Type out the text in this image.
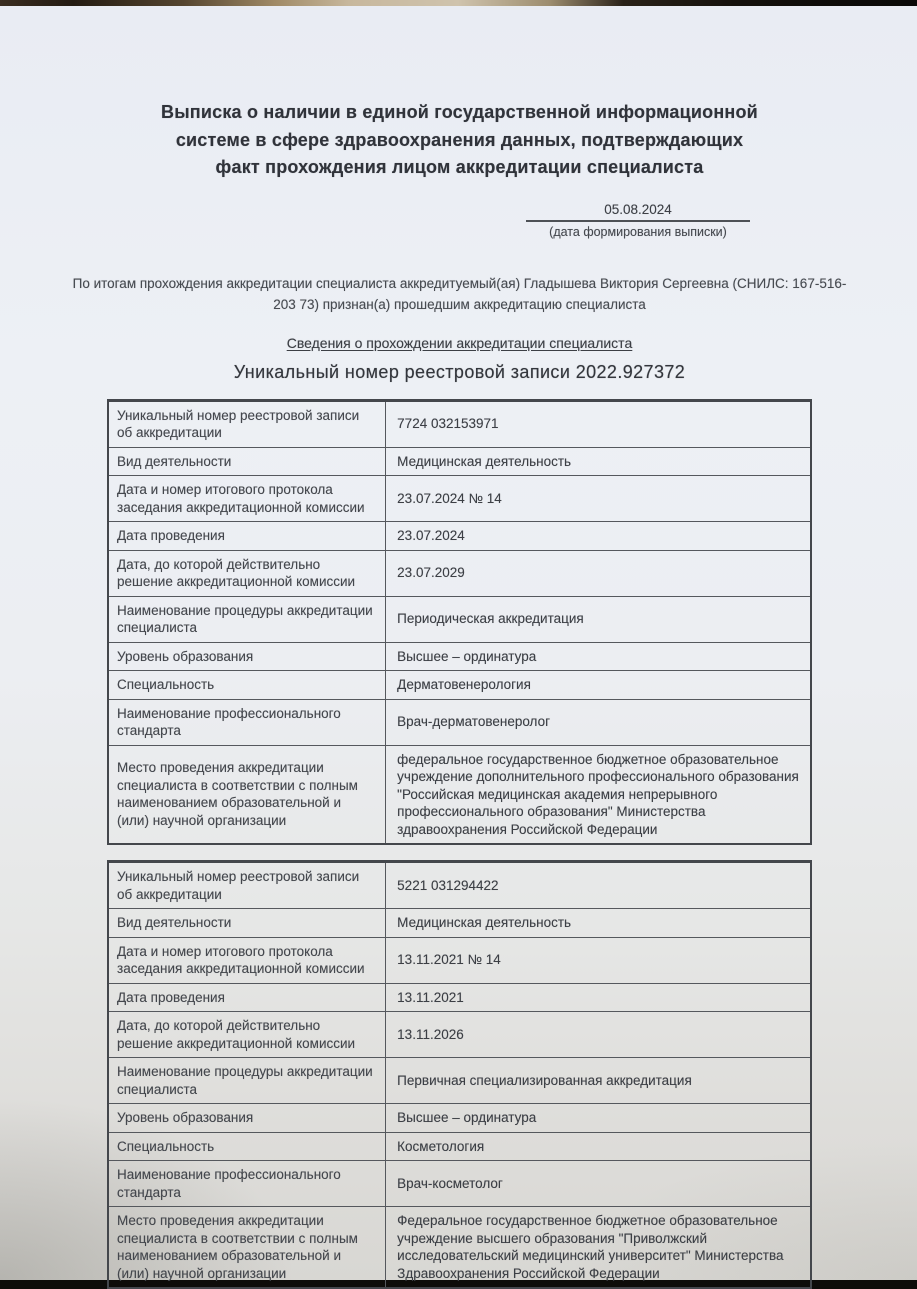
Выписка о наличии в единой государственной информационной системе в сфере здравоохранения данных, подтверждающих факт прохождения лицом аккредитации специалиста
05.08.2024
(дата формирования выписки)

По итогам прохождения аккредитации специалиста аккредитуемый(ая) Гладышева Виктория Сергеевна (СНИЛС: 167-516-203 73) признан(а) прошедшим аккредитацию специалиста

Сведения о прохождении аккредитации специалиста
Уникальный номер реестровой записи 2022.927372
Уникальный номер реестровой записи об аккредитации	7724 032153971
Вид деятельности	Медицинская деятельность
Дата и номер итогового протокола заседания аккредитационной комиссии	23.07.2024 № 14
Дата проведения	23.07.2024
Дата, до которой действительно решение аккредитационной комиссии	23.07.2029
Наименование процедуры аккредитации специалиста	Периодическая аккредитация
Уровень образования	Высшее – ординатура
Специальность	Дерматовенерология
Наименование профессионального стандарта	Врач-дерматовенеролог
Место проведения аккредитации специалиста в соответствии с полным наименованием образовательной и (или) научной организации	федеральное государственное бюджетное образовательное учреждение дополнительного профессионального образования "Российская медицинская академия непрерывного профессионального образования" Министерства здравоохранения Российской Федерации
Уникальный номер реестровой записи об аккредитации	5221 031294422
Вид деятельности	Медицинская деятельность
Дата и номер итогового протокола заседания аккредитационной комиссии	13.11.2021 № 14
Дата проведения	13.11.2021
Дата, до которой действительно решение аккредитационной комиссии	13.11.2026
Наименование процедуры аккредитации специалиста	Первичная специализированная аккредитация
Уровень образования	Высшее – ординатура
Специальность	Косметология
Наименование профессионального стандарта	Врач-косметолог
Место проведения аккредитации специалиста в соответствии с полным наименованием образовательной и (или) научной организации	Федеральное государственное бюджетное образовательное учреждение высшего образования "Приволжский исследовательский медицинский университет" Министерства Здравоохранения Российской Федерации
